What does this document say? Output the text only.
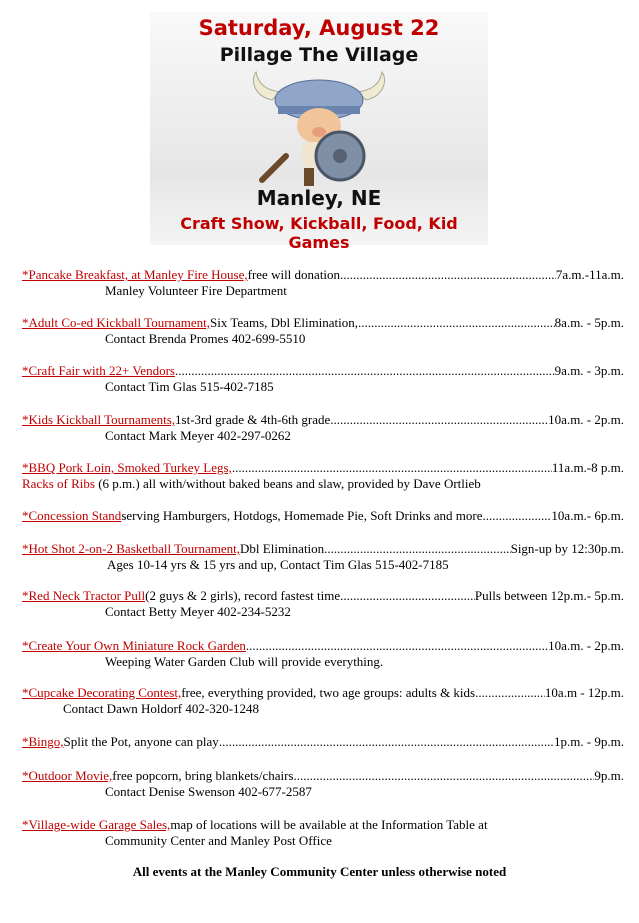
Saturday, August 22
Pillage The Village
Manley, NE
Craft Show, Kickball, Food, Kid Games
*Pancake Breakfast, at Manley Fire House, free will donation .....	7a.m.-11a.m.
Manley Volunteer Fire Department
*Adult Co-ed Kickball Tournament, Six Teams, Dbl Elimination, .....	8a.m. - 5p.m.
Contact Brenda Promes 402-699-5510
*Craft Fair with 22+ Vendors .....	9a.m. - 3p.m.
Contact Tim Glas 515-402-7185
*Kids Kickball Tournaments, 1st-3rd grade & 4th-6th grade .....	10a.m. - 2p.m.
Contact Mark Meyer 402-297-0262
*BBQ Pork Loin, Smoked Turkey Legs, .....	11a.m.-8 p.m.
Racks of Ribs (6 p.m.) all with/without baked beans and slaw, provided by Dave Ortlieb
*Concession Stand serving Hamburgers, Hotdogs, Homemade Pie, Soft Drinks and more .....	10a.m.- 6p.m.
*Hot Shot 2-on-2 Basketball Tournament, Dbl Elimination .....	Sign-up by 12:30p.m.
Ages 10-14 yrs & 15 yrs and up, Contact Tim Glas 515-402-7185
*Red Neck Tractor Pull (2 guys & 2 girls), record fastest time .....	Pulls between 12p.m.- 5p.m.
Contact Betty Meyer 402-234-5232
*Create Your Own Miniature Rock Garden .....	10a.m. - 2p.m.
Weeping Water Garden Club will provide everything.
*Cupcake Decorating Contest, free, everything provided, two age groups: adults & kids .....	10a.m - 12p.m.
Contact Dawn Holdorf 402-320-1248
*Bingo, Split the Pot, anyone can play .....	1p.m. - 9p.m.
*Outdoor Movie, free popcorn, bring blankets/chairs .....	9p.m.
Contact Denise Swenson 402-677-2587
*Village-wide Garage Sales, map of locations will be available at the Information Table at
Community Center and Manley Post Office
All events at the Manley Community Center unless otherwise noted
